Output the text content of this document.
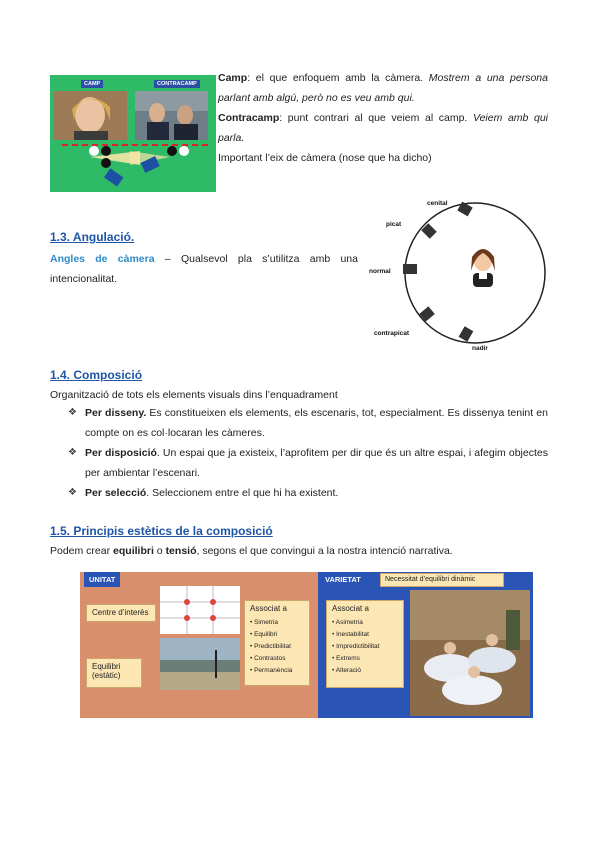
CAMP	CONTRACAMP Camp: el que enfoquem amb la càmera. Mostrem a una persona parlant amb algú, però no es veu amb qui.

Contracamp: punt contrari al que veiem al camp. Veiem amb qui parla.

Important l’eix de càmera (nose que ha dicho)

1.3. Angulació.
Angles de càmera – Qualsevol pla s’utilitza amb una intencionalitat.
cenital
picat
normal
contrapicat
nadir
1.4. Composició
Organització de tots els elements visuals dins l’enquadrament
❖ Per disseny. Es constitueixen els elements, els escenaris, tot, especialment. Es dissenya tenint en compte on es col·locaran les càmeres.
❖ Per disposició. Un espai que ja existeix, l’aprofitem per dir que és un altre espai, i afegim objectes per ambientar l’escenari.
❖ Per selecció. Seleccionem entre el que hi ha existent.
1.5. Principis estètics de la composició
Podem crear equilibri o tensió, segons el que convingui a la nostra intenció narrativa.
UNITAT
Centre d’interès
Equilibri (estàtic)
Associat a
• Simetria
• Equilibri
• Predictibilitat
• Contrastos
• Permanència
VARIETAT	Necessitat d’equilibri dinàmic
Associat a
• Asimetria
• Inestabilitat
• Impredictibilitat
• Extrems
• Alteració
